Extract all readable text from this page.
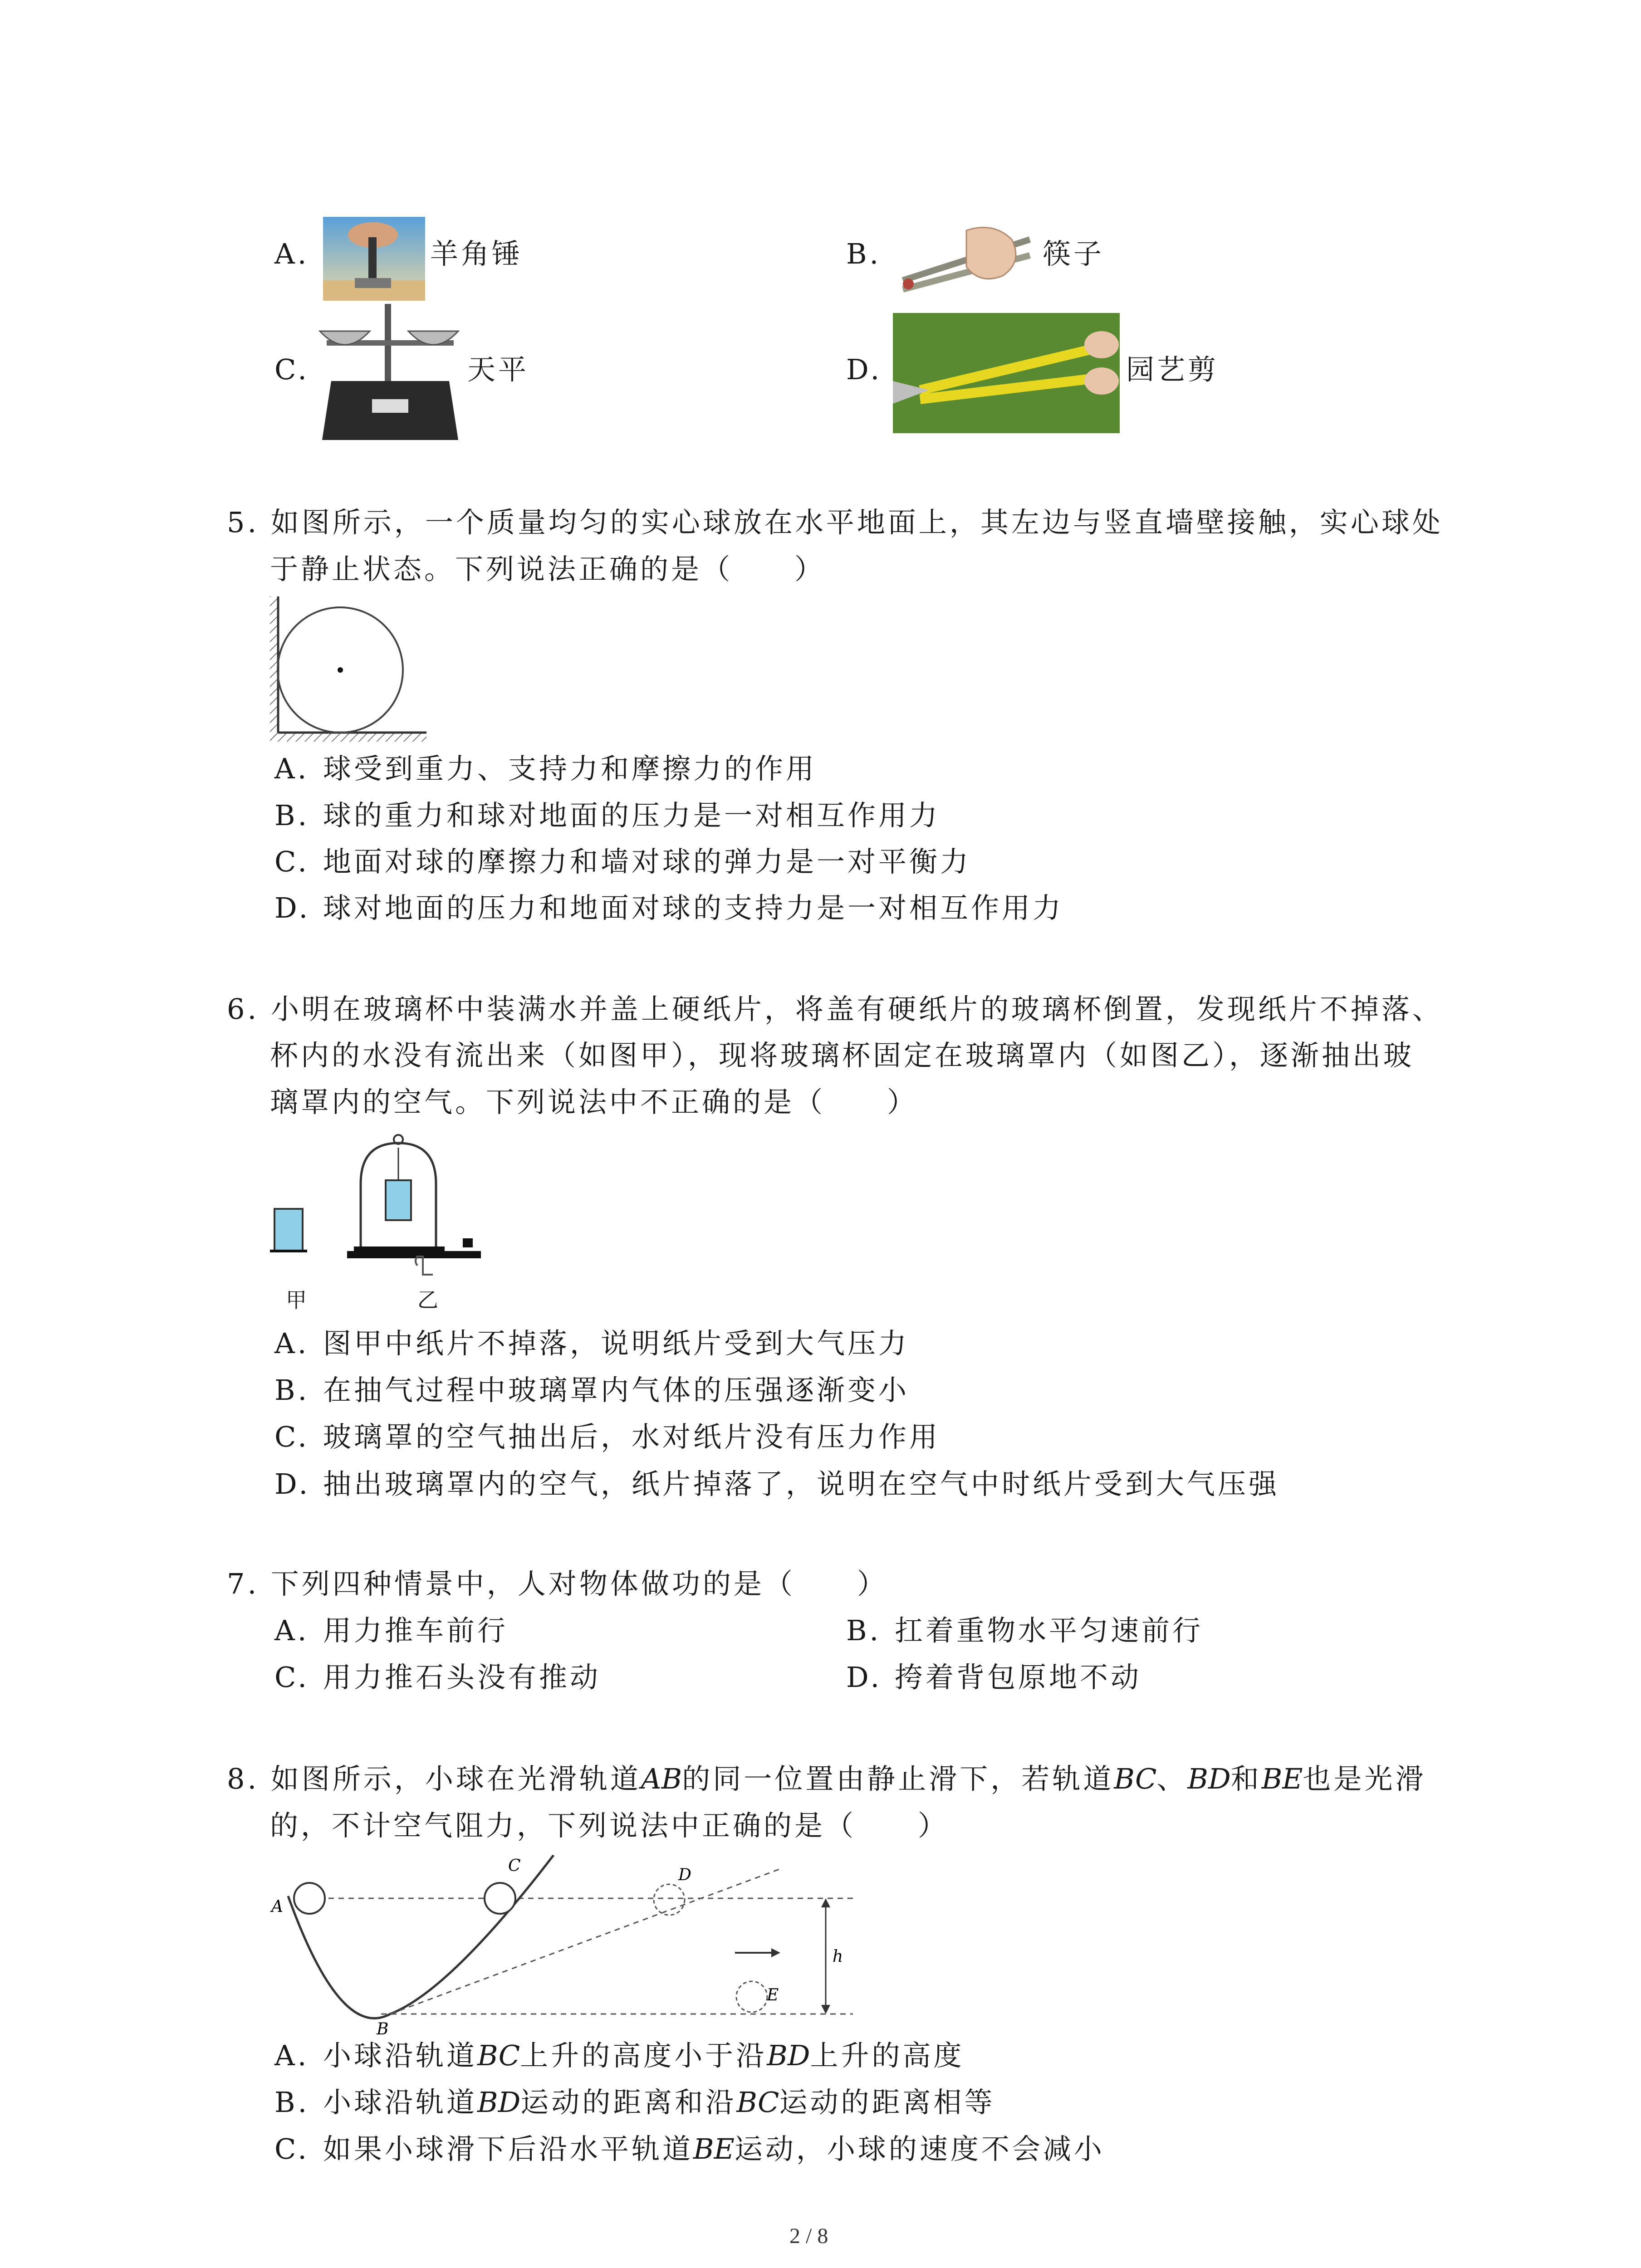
A.	羊角锤	B.	筷子
C.	天平	D.	园艺剪
5. 如图所示，一个质量均匀的实心球放在水平地面上，其左边与竖直墙壁接触，实心球处
于静止状态。下列说法正确的是（　　）
A. 球受到重力、支持力和摩擦力的作用
B. 球的重力和球对地面的压力是一对相互作用力
C. 地面对球的摩擦力和墙对球的弹力是一对平衡力
D. 球对地面的压力和地面对球的支持力是一对相互作用力
6. 小明在玻璃杯中装满水并盖上硬纸片，将盖有硬纸片的玻璃杯倒置，发现纸片不掉落、
杯内的水没有流出来（如图甲），现将玻璃杯固定在玻璃罩内（如图乙），逐渐抽出玻
璃罩内的空气。下列说法中不正确的是（　　）
甲	乙
A. 图甲中纸片不掉落，说明纸片受到大气压力
B. 在抽气过程中玻璃罩内气体的压强逐渐变小
C. 玻璃罩的空气抽出后，水对纸片没有压力作用
D. 抽出玻璃罩内的空气，纸片掉落了，说明在空气中时纸片受到大气压强
7. 下列四种情景中，人对物体做功的是（　　）
A. 用力推车前行	B. 扛着重物水平匀速前行
C. 用力推石头没有推动	D. 挎着背包原地不动
8. 如图所示，小球在光滑轨道AB的同一位置由静止滑下，若轨道BC、BD和BE也是光滑
的，不计空气阻力，下列说法中正确的是（　　）
A
B
C	D
E
h
A. 小球沿轨道BC上升的高度小于沿BD上升的高度
B. 小球沿轨道BD运动的距离和沿BC运动的距离相等
C. 如果小球滑下后沿水平轨道BE运动，小球的速度不会减小
2 / 8
